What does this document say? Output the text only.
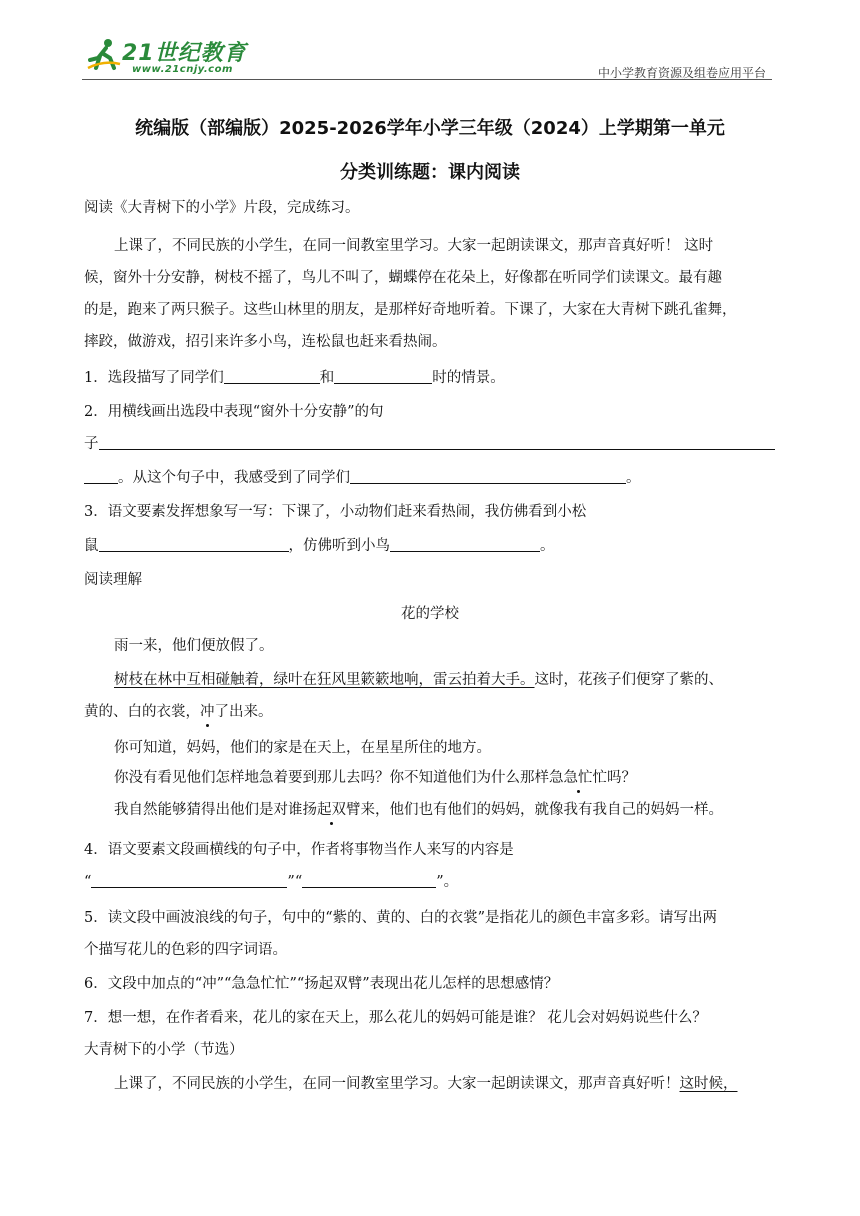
21世纪教育
www.21cnjy.com	中小学教育资源及组卷应用平台
统编版（部编版）2025-2026学年小学三年级（2024）上学期第一单元
分类训练题：课内阅读
阅读《大青树下的小学》片段，完成练习。
上课了，不同民族的小学生，在同一间教室里学习。大家一起朗读课文，那声音真好听！ 这时
候，窗外十分安静，树枝不摇了，鸟儿不叫了，蝴蝶停在花朵上，好像都在听同学们读课文。最有趣
的是，跑来了两只猴子。这些山林里的朋友，是那样好奇地听着。下课了，大家在大青树下跳孔雀舞，
摔跤，做游戏，招引来许多小鸟，连松鼠也赶来看热闹。
1．选段描写了同学们	和	时的情景。
2．用横线画出选段中表现“窗外十分安静”的句
子
。从这个句子中，我感受到了同学们	。
3．语文要素发挥想象写一写：下课了，小动物们赶来看热闹，我仿佛看到小松
鼠	，仿佛听到小鸟	。
阅读理解
花的学校
雨一来，他们便放假了。
树枝在林中互相碰触着，绿叶在狂风里簌簌地响，雷云拍着大手。这时，花孩子们便穿了紫的、
黄的、白的衣裳，冲了出来。
你可知道，妈妈，他们的家是在天上，在星星所住的地方。
你没有看见他们怎样地急着要到那儿去吗？你不知道他们为什么那样急急忙忙吗？
我自然能够猜得出他们是对谁扬起双臂来，他们也有他们的妈妈，就像我有我自己的妈妈一样。
4．语文要素文段画横线的句子中，作者将事物当作人来写的内容是
“	”“	”。
5．读文段中画波浪线的句子，句中的“紫的、黄的、白的衣裳”是指花儿的颜色丰富多彩。请写出两
个描写花儿的色彩的四字词语。
6．文段中加点的“冲”“急急忙忙”“扬起双臂”表现出花儿怎样的思想感情？
7．想一想，在作者看来，花儿的家在天上，那么花儿的妈妈可能是谁？ 花儿会对妈妈说些什么？
大青树下的小学（节选）
上课了，不同民族的小学生，在同一间教室里学习。大家一起朗读课文，那声音真好听！这时候，
